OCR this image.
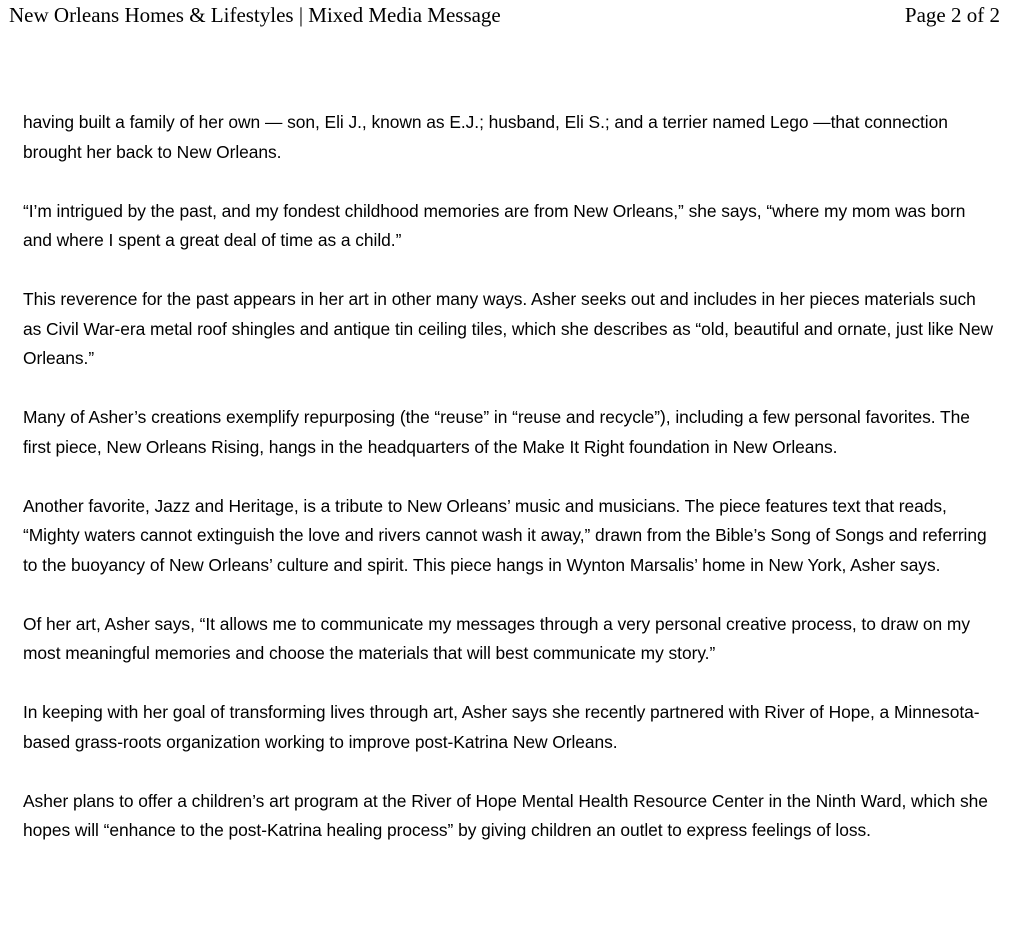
New Orleans Homes & Lifestyles | Mixed Media Message	Page 2 of 2

having built a family of her own — son, Eli J., known as E.J.; husband, Eli S.; and a terrier named Lego —that connection brought her back to New Orleans.

“I’m intrigued by the past, and my fondest childhood memories are from New Orleans,” she says, “where my mom was born and where I spent a great deal of time as a child.”

This reverence for the past appears in her art in other many ways. Asher seeks out and includes in her pieces materials such as Civil War-era metal roof shingles and antique tin ceiling tiles, which she describes as “old, beautiful and ornate, just like New Orleans.”

Many of Asher’s creations exemplify repurposing (the “reuse” in “reuse and recycle”), including a few personal favorites. The first piece, New Orleans Rising, hangs in the headquarters of the Make It Right foundation in New Orleans.

Another favorite, Jazz and Heritage, is a tribute to New Orleans’ music and musicians. The piece features text that reads, “Mighty waters cannot extinguish the love and rivers cannot wash it away,” drawn from the Bible’s Song of Songs and referring to the buoyancy of New Orleans’ culture and spirit. This piece hangs in Wynton Marsalis’ home in New York, Asher says.

Of her art, Asher says, “It allows me to communicate my messages through a very personal creative process, to draw on my most meaningful memories and choose the materials that will best communicate my story.”

In keeping with her goal of transforming lives through art, Asher says she recently partnered with River of Hope, a Minnesota-based grass-roots organization working to improve post-Katrina New Orleans.

Asher plans to offer a children’s art program at the River of Hope Mental Health Resource Center in the Ninth Ward, which she hopes will “enhance to the post-Katrina healing process” by giving children an outlet to express feelings of loss.
